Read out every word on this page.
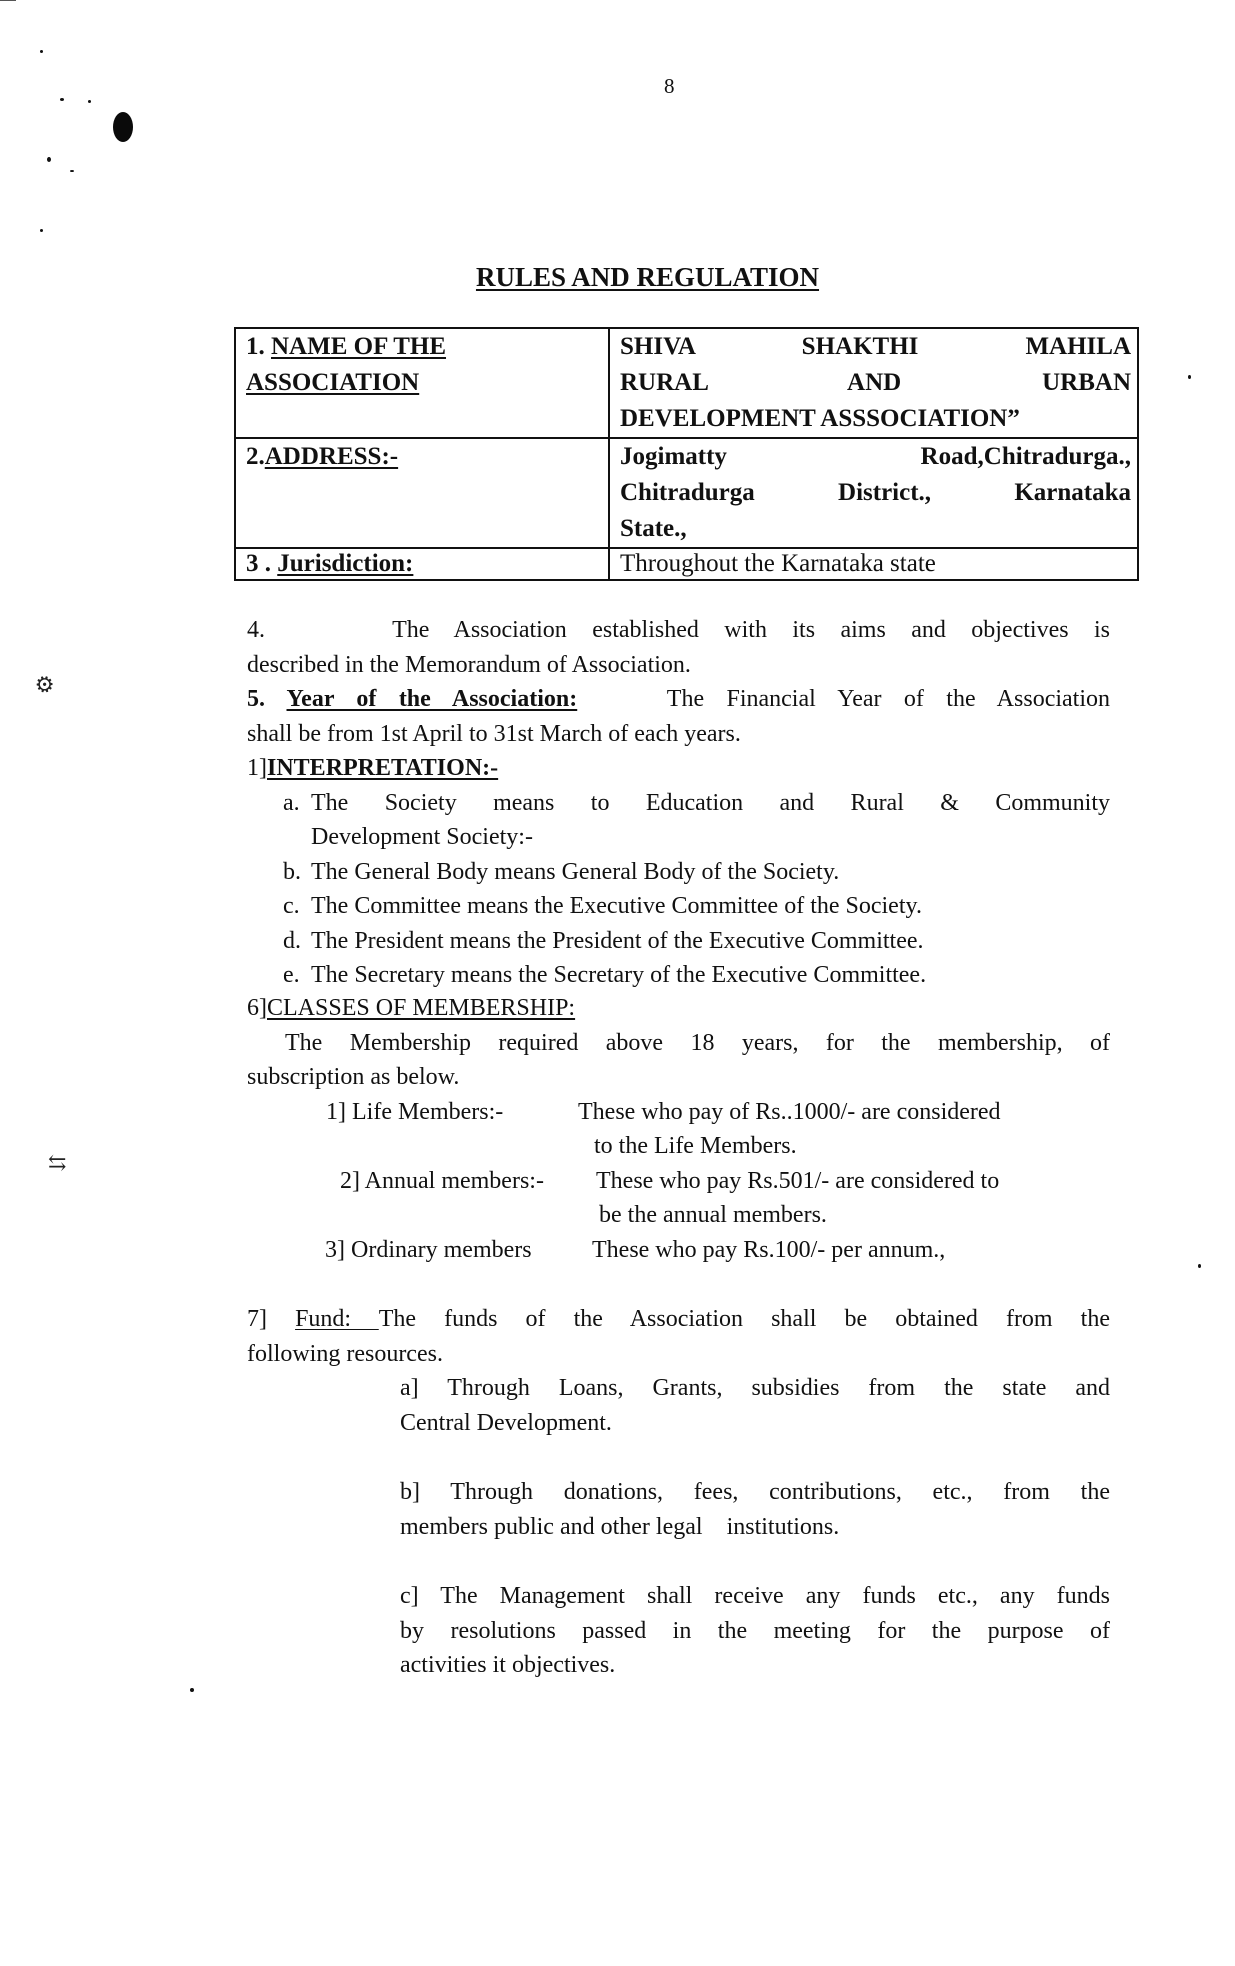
⚙
⇆
8
RULES AND REGULATION
1. NAME OF THE
ASSOCIATION	SHIVA SHAKTHI MAHILA
RURAL AND URBAN
DEVELOPMENT ASSSOCIATION”

2.ADDRESS:-	Jogimatty Road,Chitradurga.,
Chitradurga District., Karnataka
State.,

3 . Jurisdiction:	Throughout the Karnataka state
4.     The Association established with its aims and objectives is
described in the Memorandum of Association.
5. Year of the Association:    The Financial Year of the Association
shall be from 1st April to 31st March of each years.
1]INTERPRETATION:-
a. The Society means to Education and Rural & Community
Development Society:-
b. The General Body means General Body of the Society.
c. The Committee means the Executive Committee of the Society.
d. The President means the President of the Executive Committee.
e. The Secretary means the Secretary of the Executive Committee.
6]CLASSES OF MEMBERSHIP:
The Membership required above 18 years, for the membership, of
subscription as below.
1] Life Members:-	These who pay of Rs..1000/- are considered
to the Life Members.
2] Annual members:- These who pay Rs.501/- are considered to
be the annual members.
3] Ordinary members	These who pay Rs.100/- per annum.,
7] Fund: The funds of the Association shall be obtained from the
following resources.
a] Through Loans, Grants, subsidies from the state and
Central Development.
b] Through donations, fees, contributions, etc., from the
members public and other legal    institutions.
c] The Management shall receive any funds etc., any funds
by resolutions passed in the meeting for the purpose of
activities it objectives.
